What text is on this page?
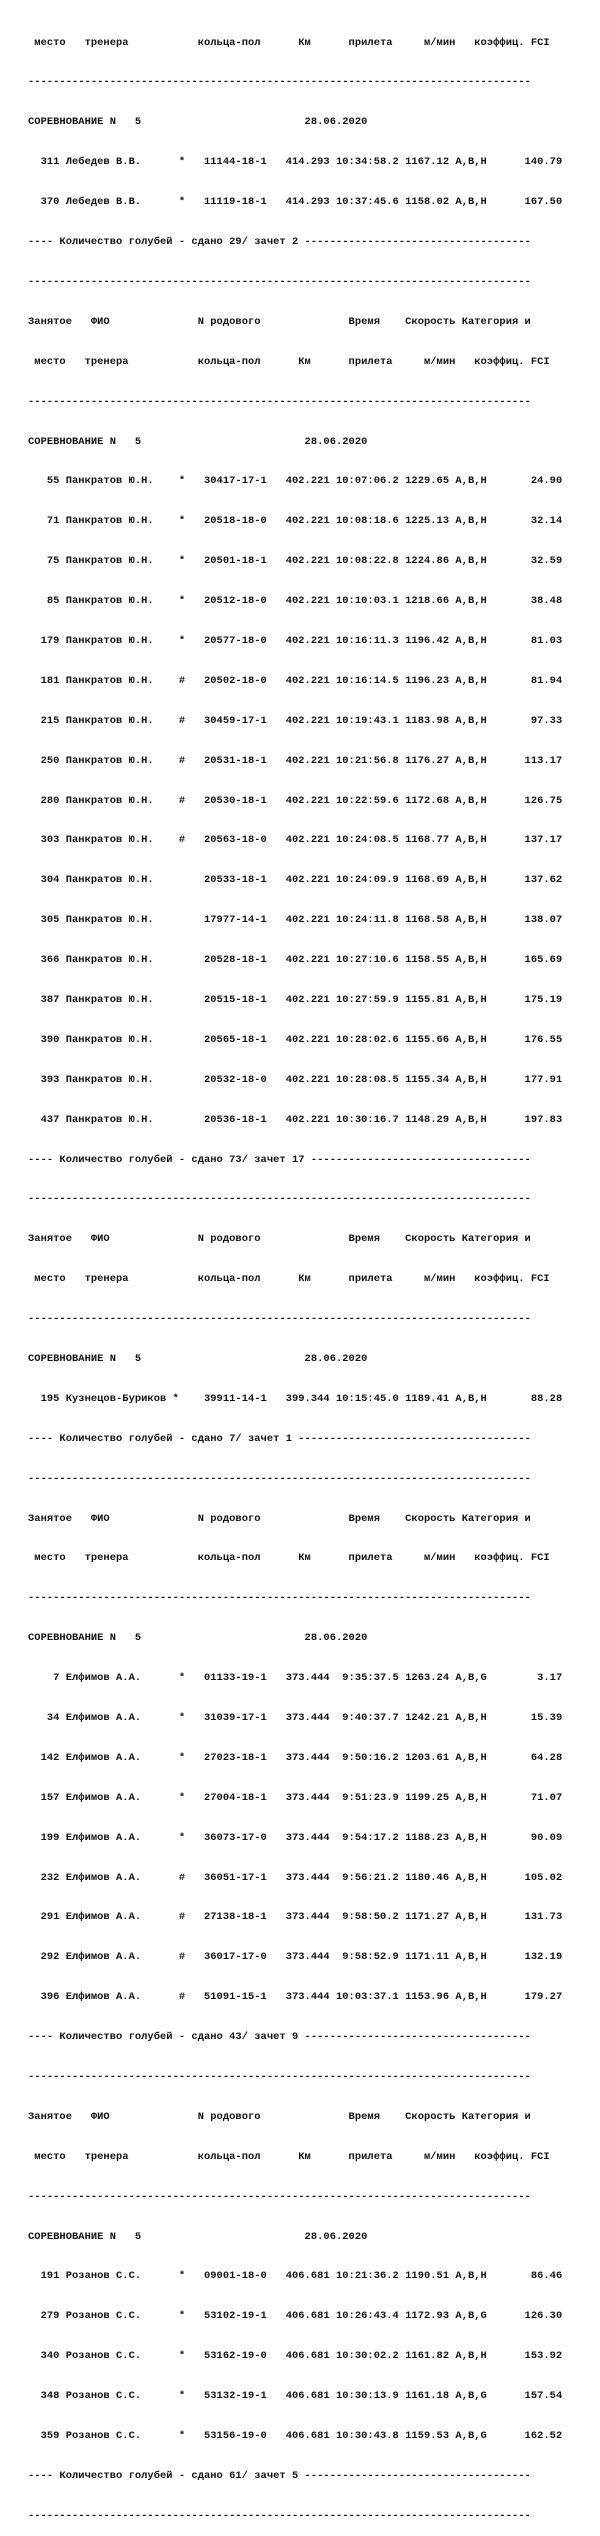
место   тренера           кольца-пол      Км      прилета     м/мин   коэффиц. FCI

--------------------------------------------------------------------------------

СОРЕВНОВАНИЕ N   5                          28.06.2020

311 Лебедев В.В.      *   11144-18-1   414.293 10:34:58.2 1167.12 A,B,H      140.79

370 Лебедев В.В.      *   11119-18-1   414.293 10:37:45.6 1158.02 A,B,H      167.50

---- Количество голубей - сдано 29/ зачет 2 ------------------------------------

--------------------------------------------------------------------------------

Занятое   ФИО              N родового              Время    Скорость Категория и

место   тренера           кольца-пол      Км      прилета     м/мин   коэффиц. FCI

--------------------------------------------------------------------------------

СОРЕВНОВАНИЕ N   5                          28.06.2020

55 Панкратов Ю.Н.    *   30417-17-1   402.221 10:07:06.2 1229.65 A,B,H       24.90

71 Панкратов Ю.Н.    *   20518-18-0   402.221 10:08:18.6 1225.13 A,B,H       32.14

75 Панкратов Ю.Н.    *   20501-18-1   402.221 10:08:22.8 1224.86 A,B,H       32.59

85 Панкратов Ю.Н.    *   20512-18-0   402.221 10:10:03.1 1218.66 A,B,H       38.48

179 Панкратов Ю.Н.    *   20577-18-0   402.221 10:16:11.3 1196.42 A,B,H       81.03

181 Панкратов Ю.Н.    #   20502-18-0   402.221 10:16:14.5 1196.23 A,B,H       81.94

215 Панкратов Ю.Н.    #   30459-17-1   402.221 10:19:43.1 1183.98 A,B,H       97.33

250 Панкратов Ю.Н.    #   20531-18-1   402.221 10:21:56.8 1176.27 A,B,H      113.17

280 Панкратов Ю.Н.    #   20530-18-1   402.221 10:22:59.6 1172.68 A,B,H      126.75

303 Панкратов Ю.Н.    #   20563-18-0   402.221 10:24:08.5 1168.77 A,B,H      137.17

304 Панкратов Ю.Н.        20533-18-1   402.221 10:24:09.9 1168.69 A,B,H      137.62

305 Панкратов Ю.Н.        17977-14-1   402.221 10:24:11.8 1168.58 A,B,H      138.07

366 Панкратов Ю.Н.        20528-18-1   402.221 10:27:10.6 1158.55 A,B,H      165.69

387 Панкратов Ю.Н.        20515-18-1   402.221 10:27:59.9 1155.81 A,B,H      175.19

390 Панкратов Ю.Н.        20565-18-1   402.221 10:28:02.6 1155.66 A,B,H      176.55

393 Панкратов Ю.Н.        20532-18-0   402.221 10:28:08.5 1155.34 A,B,H      177.91

437 Панкратов Ю.Н.        20536-18-1   402.221 10:30:16.7 1148.29 A,B,H      197.83

---- Количество голубей - сдано 73/ зачет 17 -----------------------------------

--------------------------------------------------------------------------------

Занятое   ФИО              N родового              Время    Скорость Категория и

место   тренера           кольца-пол      Км      прилета     м/мин   коэффиц. FCI

--------------------------------------------------------------------------------

СОРЕВНОВАНИЕ N   5                          28.06.2020

195 Кузнецов-Буриков *    39911-14-1   399.344 10:15:45.0 1189.41 A,B,H       88.28

---- Количество голубей - сдано 7/ зачет 1 -------------------------------------

--------------------------------------------------------------------------------

Занятое   ФИО              N родового              Время    Скорость Категория и

место   тренера           кольца-пол      Км      прилета     м/мин   коэффиц. FCI

--------------------------------------------------------------------------------

СОРЕВНОВАНИЕ N   5                          28.06.2020

7 Елфимов А.А.      *   01133-19-1   373.444  9:35:37.5 1263.24 A,B,G        3.17

34 Елфимов А.А.      *   31039-17-1   373.444  9:40:37.7 1242.21 A,B,H       15.39

142 Елфимов А.А.      *   27023-18-1   373.444  9:50:16.2 1203.61 A,B,H       64.28

157 Елфимов А.А.      *   27004-18-1   373.444  9:51:23.9 1199.25 A,B,H       71.07

199 Елфимов А.А.      *   36073-17-0   373.444  9:54:17.2 1188.23 A,B,H       90.09

232 Елфимов А.А.      #   36051-17-1   373.444  9:56:21.2 1180.46 A,B,H      105.02

291 Елфимов А.А.      #   27138-18-1   373.444  9:58:50.2 1171.27 A,B,H      131.73

292 Елфимов А.А.      #   36017-17-0   373.444  9:58:52.9 1171.11 A,B,H      132.19

396 Елфимов А.А.      #   51091-15-1   373.444 10:03:37.1 1153.96 A,B,H      179.27

---- Количество голубей - сдано 43/ зачет 9 ------------------------------------

--------------------------------------------------------------------------------

Занятое   ФИО              N родового              Время    Скорость Категория и

место   тренера           кольца-пол      Км      прилета     м/мин   коэффиц. FCI

--------------------------------------------------------------------------------

СОРЕВНОВАНИЕ N   5                          28.06.2020

191 Розанов С.С.      *   09001-18-0   406.681 10:21:36.2 1190.51 A,B,H       86.46

279 Розанов С.С.      *   53102-19-1   406.681 10:26:43.4 1172.93 A,B,G      126.30

340 Розанов С.С.      *   53162-19-0   406.681 10:30:02.2 1161.82 A,B,H      153.92

348 Розанов С.С.      *   53132-19-1   406.681 10:30:13.9 1161.18 A,B,G      157.54

359 Розанов С.С.      *   53156-19-0   406.681 10:30:43.8 1159.53 A,B,G      162.52

---- Количество голубей - сдано 61/ зачет 5 ------------------------------------

--------------------------------------------------------------------------------
